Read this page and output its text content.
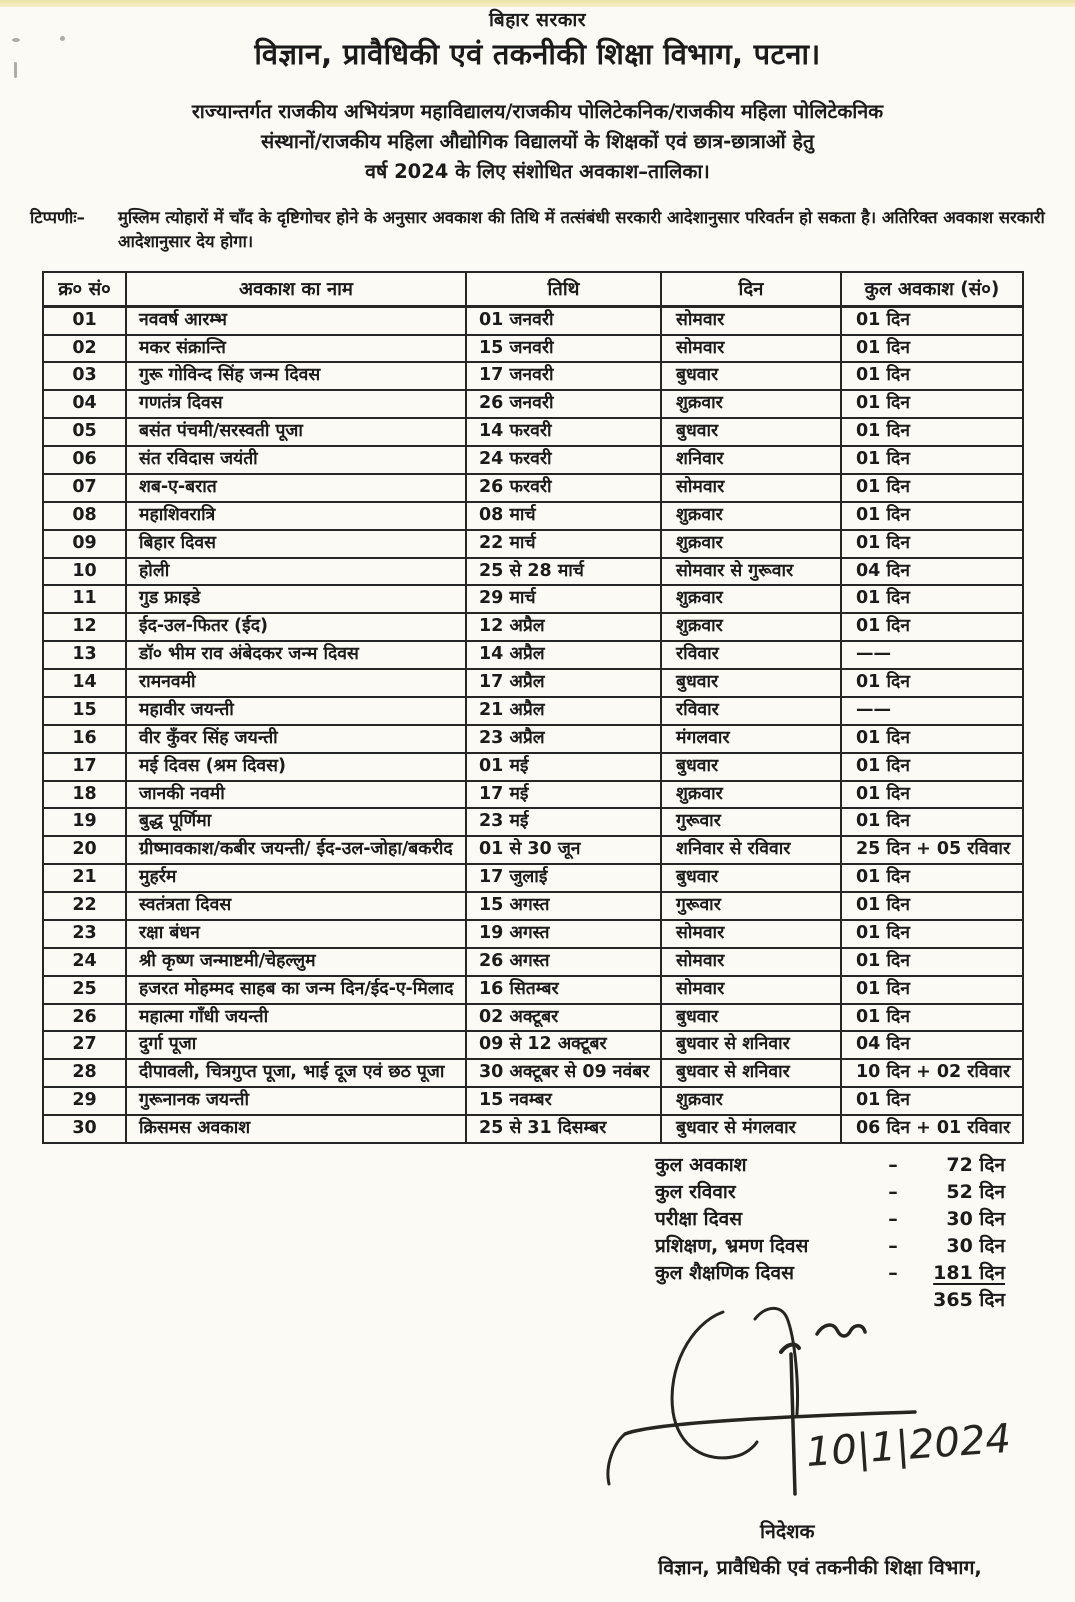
बिहार सरकार
विज्ञान, प्रावैधिकी एवं तकनीकी शिक्षा विभाग, पटना।

राज्यान्तर्गत राजकीय अभियंत्रण महाविद्यालय/राजकीय पोलिटेकनिक/राजकीय महिला पोलिटेकनिक

संस्थानों/राजकीय महिला औद्योगिक विद्यालयों के शिक्षकों एवं छात्र-छात्राओं हेतु

वर्ष 2024 के लिए संशोधित अवकाश–तालिका।

टिप्पणीः–	मुस्लिम त्योहारों में चाँद के दृष्टिगोचर होने के अनुसार अवकाश की तिथि में तत्संबंधी सरकारी आदेशानुसार परिवर्तन हो सकता है। अतिरिक्त अवकाश सरकारी आदेशानुसार देय होगा।
क्र० सं०	अवकाश का नाम	तिथि	दिन	कुल अवकाश (सं०)
01	नववर्ष आरम्भ	01 जनवरी	सोमवार	01 दिन
02	मकर संक्रान्ति	15 जनवरी	सोमवार	01 दिन
03	गुरू गोविन्द सिंह जन्म दिवस	17 जनवरी	बुधवार	01 दिन
04	गणतंत्र दिवस	26 जनवरी	शुक्रवार	01 दिन
05	बसंत पंचमी/सरस्वती पूजा	14 फरवरी	बुधवार	01 दिन
06	संत रविदास जयंती	24 फरवरी	शनिवार	01 दिन
07	शब-ए-बरात	26 फरवरी	सोमवार	01 दिन
08	महाशिवरात्रि	08 मार्च	शुक्रवार	01 दिन
09	बिहार दिवस	22 मार्च	शुक्रवार	01 दिन
10	होली	25 से 28 मार्च	सोमवार से गुरूवार	04 दिन
11	गुड फ्राइडे	29 मार्च	शुक्रवार	01 दिन
12	ईद-उल-फितर (ईद)	12 अप्रैल	शुक्रवार	01 दिन
13	डॉ० भीम राव अंबेदकर जन्म दिवस	14 अप्रैल	रविवार	——
14	रामनवमी	17 अप्रैल	बुधवार	01 दिन
15	महावीर जयन्ती	21 अप्रैल	रविवार	——
16	वीर कुँवर सिंह जयन्ती	23 अप्रैल	मंगलवार	01 दिन
17	मई दिवस (श्रम दिवस)	01 मई	बुधवार	01 दिन
18	जानकी नवमी	17 मई	शुक्रवार	01 दिन
19	बुद्ध पूर्णिमा	23 मई	गुरूवार	01 दिन
20	ग्रीष्मावकाश/कबीर जयन्ती/ ईद-उल-जोहा/बकरीद	01 से 30 जून	शनिवार से रविवार	25 दिन + 05 रविवार
21	मुहर्रम	17 जुलाई	बुधवार	01 दिन
22	स्वतंत्रता दिवस	15 अगस्त	गुरूवार	01 दिन
23	रक्षा बंधन	19 अगस्त	सोमवार	01 दिन
24	श्री कृष्ण जन्माष्टमी/चेहल्लुम	26 अगस्त	सोमवार	01 दिन
25	हजरत मोहम्मद साहब का जन्म दिन/ईद-ए-मिलाद	16 सितम्बर	सोमवार	01 दिन
26	महात्मा गाँधी जयन्ती	02 अक्टूबर	बुधवार	01 दिन
27	दुर्गा पूजा	09 से 12 अक्टूबर	बुधवार से शनिवार	04 दिन
28	दीपावली, चित्रगुप्त पूजा, भाई दूज एवं छठ पूजा	30 अक्टूबर से 09 नवंबर	बुधवार से शनिवार	10 दिन + 02 रविवार
29	गुरूनानक जयन्ती	15 नवम्बर	शुक्रवार	01 दिन
30	क्रिसमस अवकाश	25 से 31 दिसम्बर	बुधवार से मंगलवार	06 दिन + 01 रविवार
कुल अवकाश	–	72 दिन
कुल रविवार	–	52 दिन
परीक्षा दिवस	–	30 दिन
प्रशिक्षण, भ्रमण दिवस	–	30 दिन
कुल शैक्षणिक दिवस	–	181 दिन
365 दिन
10|1|2024
निदेशक
विज्ञान, प्रावैधिकी एवं तकनीकी शिक्षा विभाग,
